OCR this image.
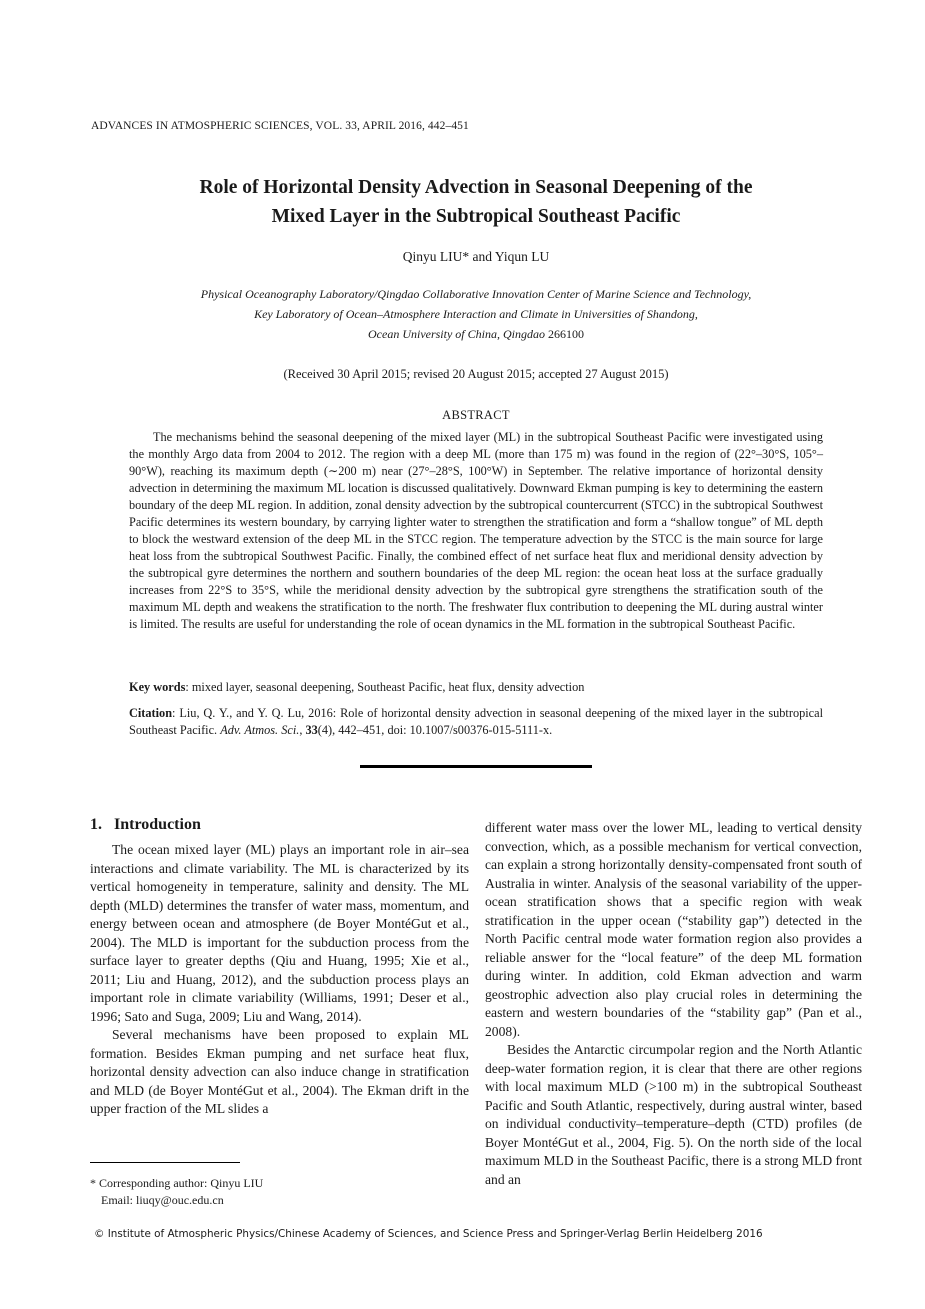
ADVANCES IN ATMOSPHERIC SCIENCES, VOL. 33, APRIL 2016, 442–451
Role of Horizontal Density Advection in Seasonal Deepening of the
Mixed Layer in the Subtropical Southeast Pacific
Qinyu LIU* and Yiqun LU
Physical Oceanography Laboratory/Qingdao Collaborative Innovation Center of Marine Science and Technology,
Key Laboratory of Ocean–Atmosphere Interaction and Climate in Universities of Shandong,
Ocean University of China, Qingdao 266100
(Received 30 April 2015; revised 20 August 2015; accepted 27 August 2015)
ABSTRACT
The mechanisms behind the seasonal deepening of the mixed layer (ML) in the subtropical Southeast Pacific were investigated using the monthly Argo data from 2004 to 2012. The region with a deep ML (more than 175 m) was found in the region of (22°–30°S, 105°–90°W), reaching its maximum depth (∼200 m) near (27°–28°S, 100°W) in September. The relative importance of horizontal density advection in determining the maximum ML location is discussed qualitatively. Downward Ekman pumping is key to determining the eastern boundary of the deep ML region. In addition, zonal density advection by the subtropical countercurrent (STCC) in the subtropical Southwest Pacific determines its western boundary, by carrying lighter water to strengthen the stratification and form a “shallow tongue” of ML depth to block the westward extension of the deep ML in the STCC region. The temperature advection by the STCC is the main source for large heat loss from the subtropical Southwest Pacific. Finally, the combined effect of net surface heat flux and meridional density advection by the subtropical gyre determines the northern and southern boundaries of the deep ML region: the ocean heat loss at the surface gradually increases from 22°S to 35°S, while the meridional density advection by the subtropical gyre strengthens the stratification south of the maximum ML depth and weakens the stratification to the north. The freshwater flux contribution to deepening the ML during austral winter is limited. The results are useful for understanding the role of ocean dynamics in the ML formation in the subtropical Southeast Pacific.
Key words: mixed layer, seasonal deepening, Southeast Pacific, heat flux, density advection
Citation: Liu, Q. Y., and Y. Q. Lu, 2016: Role of horizontal density advection in seasonal deepening of the mixed layer in the subtropical Southeast Pacific. Adv. Atmos. Sci., 33(4), 442–451, doi: 10.1007/s00376-015-5111-x.
1. Introduction

The ocean mixed layer (ML) plays an important role in air–sea interactions and climate variability. The ML is characterized by its vertical homogeneity in temperature, salinity and density. The ML depth (MLD) determines the transfer of water mass, momentum, and energy between ocean and atmosphere (de Boyer MontéGut et al., 2004). The MLD is important for the subduction process from the surface layer to greater depths (Qiu and Huang, 1995; Xie et al., 2011; Liu and Huang, 2012), and the subduction process plays an important role in climate variability (Williams, 1991; Deser et al., 1996; Sato and Suga, 2009; Liu and Wang, 2014).

Several mechanisms have been proposed to explain ML formation. Besides Ekman pumping and net surface heat flux, horizontal density advection can also induce change in stratification and MLD (de Boyer MontéGut et al., 2004). The Ekman drift in the upper fraction of the ML slides a

different water mass over the lower ML, leading to vertical density convection, which, as a possible mechanism for vertical convection, can explain a strong horizontally density-compensated front south of Australia in winter. Analysis of the seasonal variability of the upper-ocean stratification shows that a specific region with weak stratification in the upper ocean (“stability gap”) detected in the North Pacific central mode water formation region also provides a reliable answer for the “local feature” of the deep ML formation during winter. In addition, cold Ekman advection and warm geostrophic advection also play crucial roles in determining the eastern and western boundaries of the “stability gap” (Pan et al., 2008).

Besides the Antarctic circumpolar region and the North Atlantic deep-water formation region, it is clear that there are other regions with local maximum MLD (>100 m) in the subtropical Southeast Pacific and South Atlantic, respectively, during austral winter, based on individual conductivity–temperature–depth (CTD) profiles (de Boyer MontéGut et al., 2004, Fig. 5). On the north side of the local maximum MLD in the Southeast Pacific, there is a strong MLD front and an

* Corresponding author: Qinyu LIU
Email: liuqy@ouc.edu.cn
© Institute of Atmospheric Physics/Chinese Academy of Sciences, and Science Press and Springer-Verlag Berlin Heidelberg 2016
